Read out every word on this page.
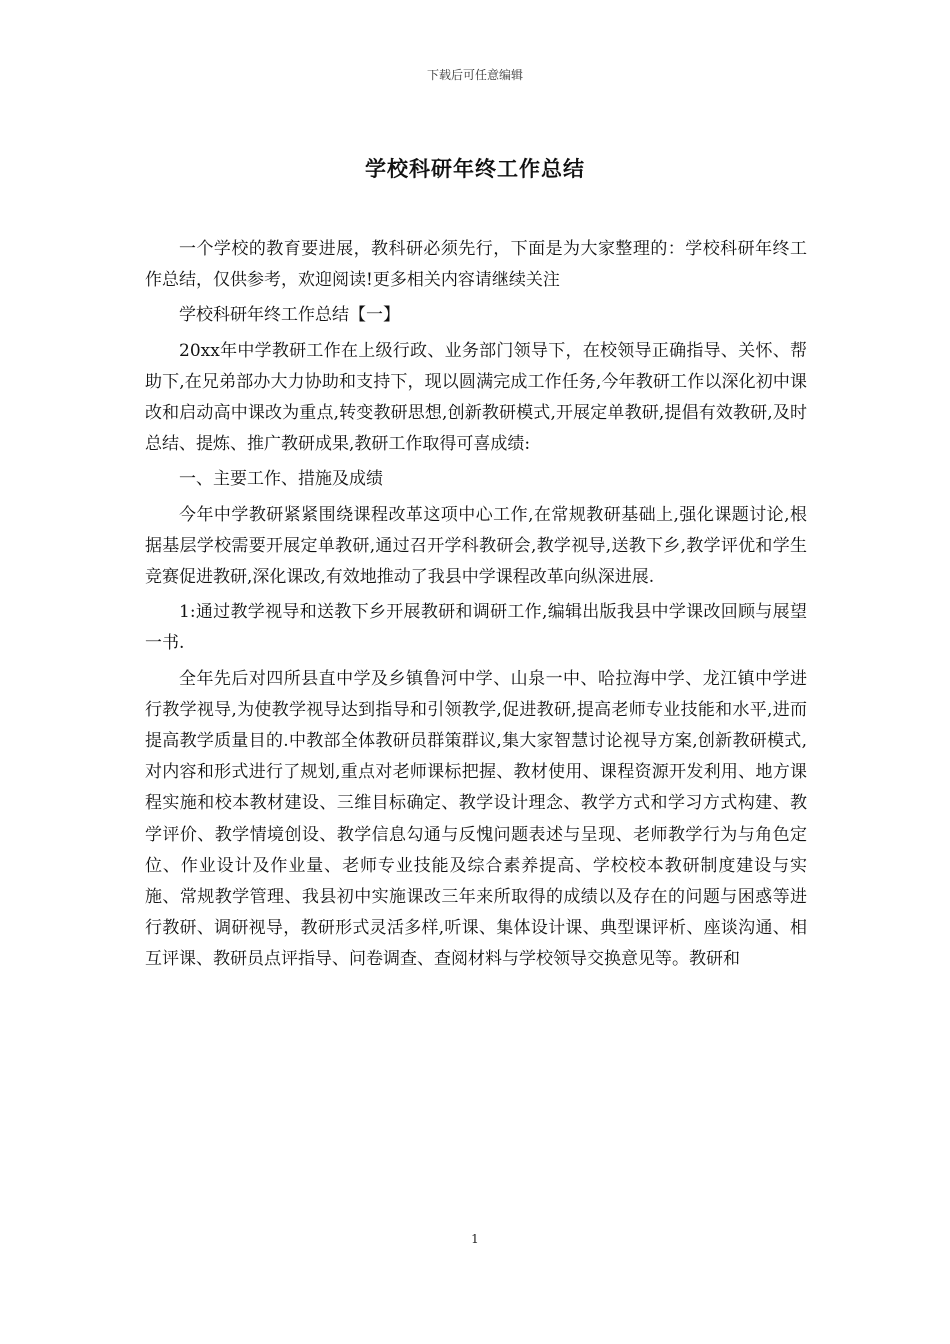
下载后可任意编辑
学校科研年终工作总结

一个学校的教育要进展，教科研必须先行，下面是为大家整理的：学校科研年终工作总结，仅供参考，欢迎阅读!更多相关内容请继续关注

学校科研年终工作总结【一】

20xx年中学教研工作在上级行政、业务部门领导下，在校领导正确指导、关怀、帮助下,在兄弟部办大力协助和支持下，现以圆满完成工作任务,今年教研工作以深化初中课改和启动高中课改为重点,转变教研思想,创新教研模式,开展定单教研,提倡有效教研,及时总结、提炼、推广教研成果,教研工作取得可喜成绩:

一、主要工作、措施及成绩

今年中学教研紧紧围绕课程改革这项中心工作,在常规教研基础上,强化课题讨论,根据基层学校需要开展定单教研,通过召开学科教研会,教学视导,送教下乡,教学评优和学生竞赛促进教研,深化课改,有效地推动了我县中学课程改革向纵深进展.

1:通过教学视导和送教下乡开展教研和调研工作,编辑出版我县中学课改回顾与展望一书.

全年先后对四所县直中学及乡镇鲁河中学、山泉一中、哈拉海中学、龙江镇中学进行教学视导,为使教学视导达到指导和引领教学,促进教研,提高老师专业技能和水平,进而提高教学质量目的.中教部全体教研员群策群议,集大家智慧讨论视导方案,创新教研模式,对内容和形式进行了规划,重点对老师课标把握、教材使用、课程资源开发利用、地方课程实施和校本教材建设、三维目标确定、教学设计理念、教学方式和学习方式构建、教学评价、教学情境创设、教学信息勾通与反愧问题表述与呈现、老师教学行为与角色定位、作业设计及作业量、老师专业技能及综合素养提高、学校校本教研制度建设与实施、常规教学管理、我县初中实施课改三年来所取得的成绩以及存在的问题与困惑等进行教研、调研视导，教研形式灵活多样,听课、集体设计课、典型课评析、座谈沟通、相互评课、教研员点评指导、问卷调查、查阅材料与学校领导交换意见等。教研和

1
